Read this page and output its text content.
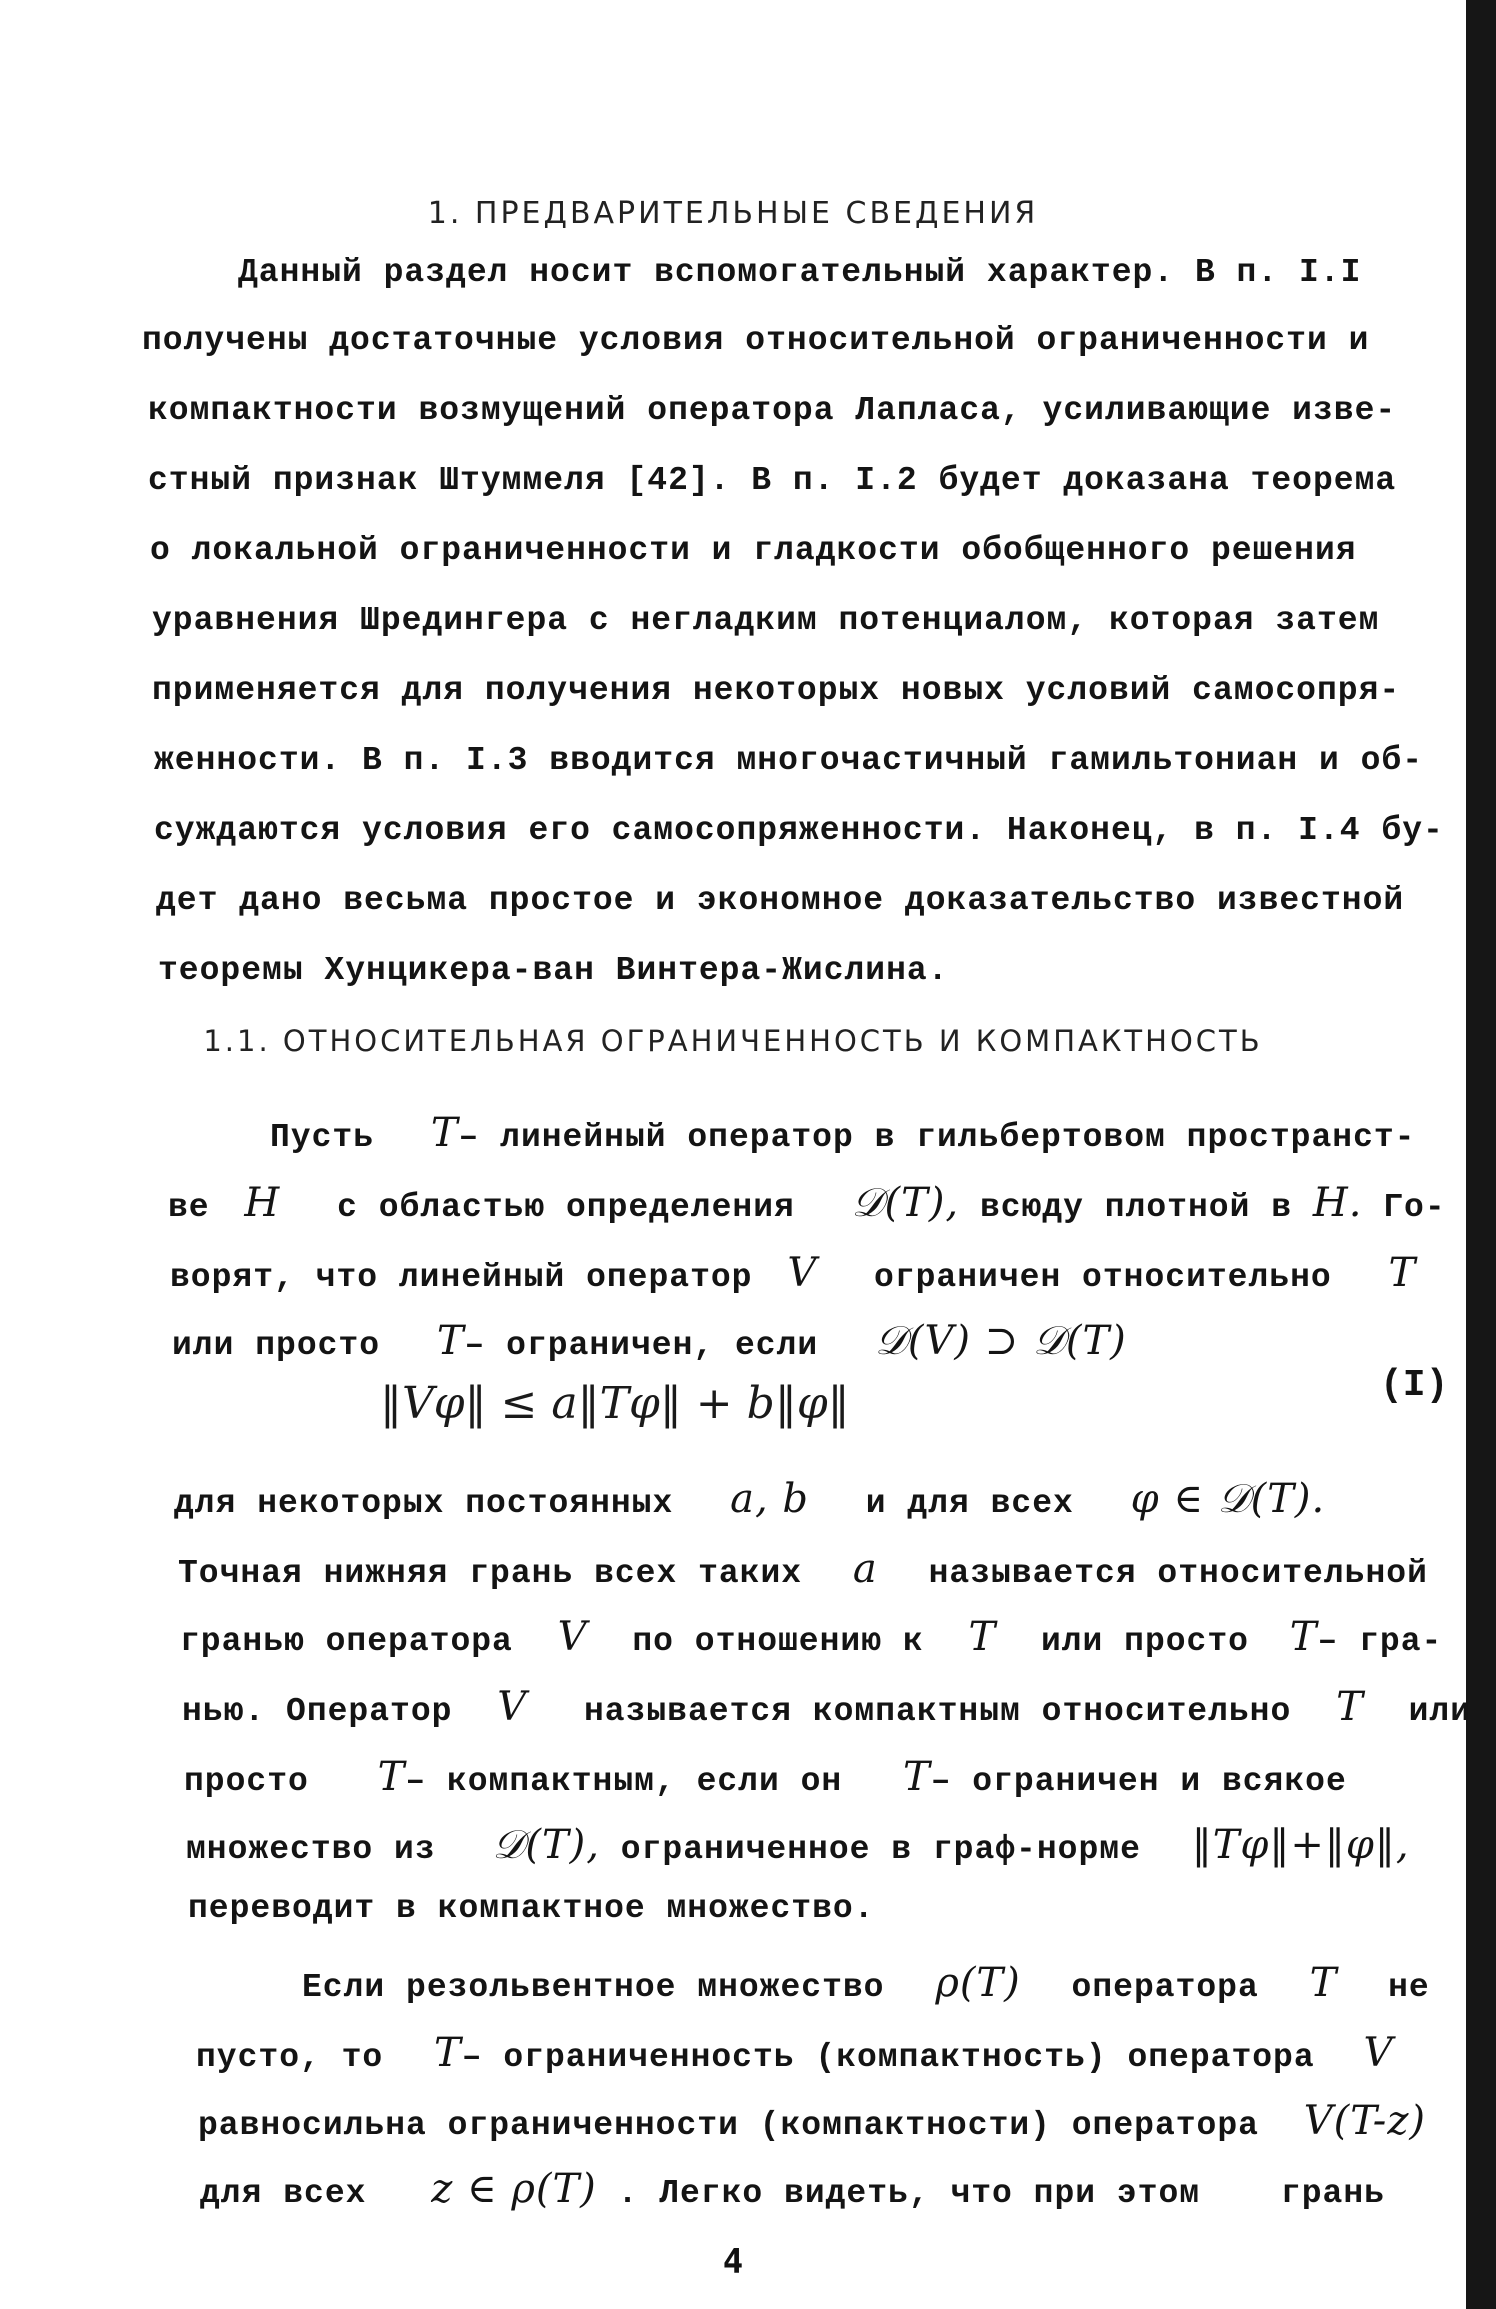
1. ПРЕДВАРИТЕЛЬНЫЕ СВЕДЕНИЯ
Данный раздел носит вспомогательный характер. В п. I.I
получены достаточные условия относительной ограниченности и
компактности возмущений оператора Лапласа, усиливающие изве-
стный признак Штуммеля [42]. В п. I.2 будет доказана теорема
о локальной ограниченности и гладкости обобщенного решения
уравнения Шредингера с негладким потенциалом, которая затем
применяется для получения некоторых новых условий самосопря-
женности. В п. I.3 вводится многочастичный гамильтониан и об-
суждаются условия его самосопряженности. Наконец, в п. I.4 бу-
дет дано весьма простое и экономное доказательство известной
теоремы Хунцикера-ван Винтера-Жислина.
1.1. ОТНОСИТЕЛЬНАЯ ОГРАНИЧЕННОСТЬ И КОМПАКТНОСТЬ
Пусть T– линейный оператор в гильбертовом пространст-
ве H с областью определения 𝒟(T), всюду плотной в H. Го-
ворят, что линейный оператор V ограничен относительно T
или просто T– ограничен, если 𝒟(V) ⊃ 𝒟(T)
‖Vφ‖ ≤ a‖Tφ‖ + b‖φ‖	(I)
для некоторых постоянных a, b и для всех φ ∈ 𝒟(T).
Точная нижняя грань всех таких a называется относительной
гранью оператора V по отношению к T или просто T– гра-
нью. Оператор V называется компактным относительно T или
просто T– компактным, если он T– ограничен и всякое
множество из 𝒟(T), ограниченное в граф-норме ‖Tφ‖+‖φ‖,
переводит в компактное множество.
Если резольвентное множество ρ(T) оператора T не
пусто, то T– ограниченность (компактность) оператора V
равносильна ограниченности (компактности) оператора V(T-z)
для всех z ∈ ρ(T) . Легко видеть, что при этом грань
4
